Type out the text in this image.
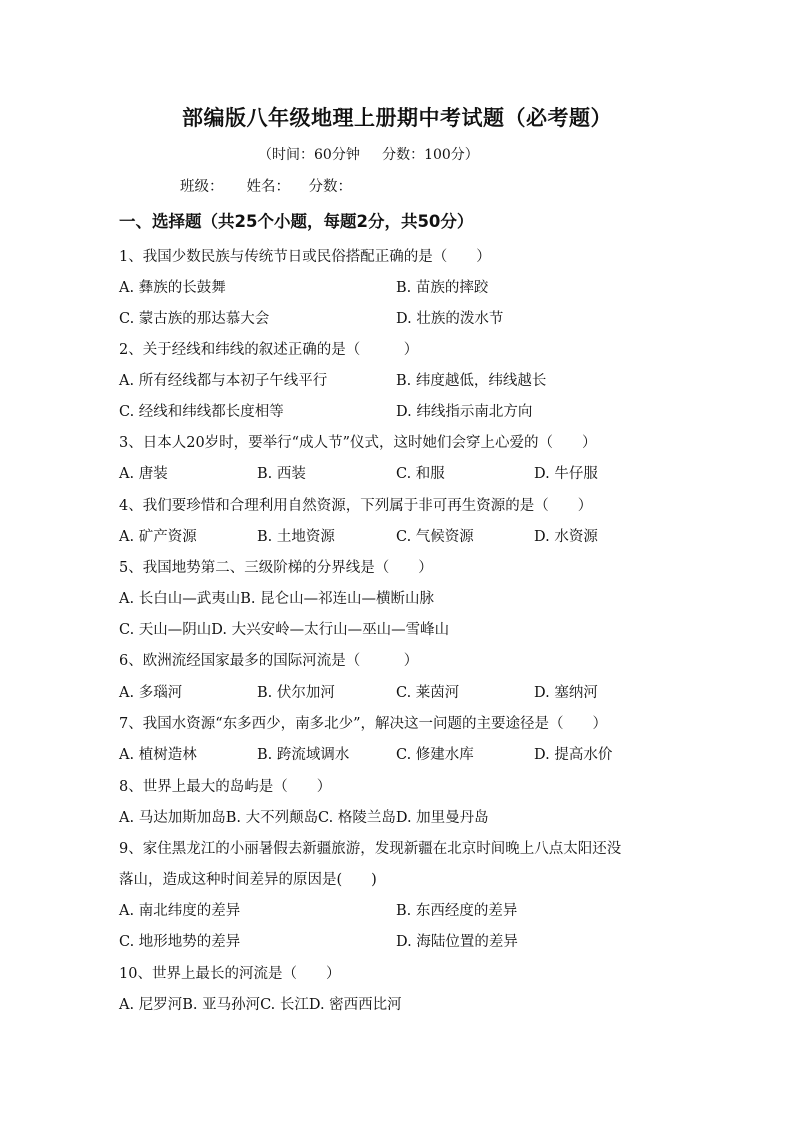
部编版八年级地理上册期中考试题（必考题）
（时间：60分钟     分数：100分）
班级：     姓名：    分数：
一、选择题（共25个小题，每题2分，共50分）
1、我国少数民族与传统节日或民俗搭配正确的是（　　）
A. 彝族的长鼓舞	B. 苗族的摔跤
C. 蒙古族的那达慕大会	D. 壮族的泼水节
2、关于经线和纬线的叙述正确的是（　　　）
A. 所有经线都与本初子午线平行	B. 纬度越低，纬线越长
C. 经线和纬线都长度相等	D. 纬线指示南北方向
3、日本人20岁时，要举行“成人节”仪式，这时她们会穿上心爱的（　　）
A. 唐装	B. 西装	C. 和服	D. 牛仔服
4、我们要珍惜和合理利用自然资源，下列属于非可再生资源的是（　　）
A. 矿产资源	B. 土地资源	C. 气候资源	D. 水资源
5、我国地势第二、三级阶梯的分界线是（　　）
A. 长白山—武夷山B. 昆仑山—祁连山—横断山脉
C. 天山—阴山D. 大兴安岭—太行山—巫山—雪峰山
6、欧洲流经国家最多的国际河流是（　　　）
A. 多瑙河	B. 伏尔加河	C. 莱茵河	D. 塞纳河
7、我国水资源“东多西少，南多北少”，解决这一问题的主要途径是（　　）
A. 植树造林	B. 跨流域调水	C. 修建水库	D. 提高水价
8、世界上最大的岛屿是（　　）
A. 马达加斯加岛B. 大不列颠岛C. 格陵兰岛D. 加里曼丹岛
9、家住黑龙江的小丽暑假去新疆旅游，发现新疆在北京时间晚上八点太阳还没
落山，造成这种时间差异的原因是(　　)
A. 南北纬度的差异	B. 东西经度的差异
C. 地形地势的差异	D. 海陆位置的差异
10、世界上最长的河流是（　　）
A. 尼罗河B. 亚马孙河C. 长江D. 密西西比河
